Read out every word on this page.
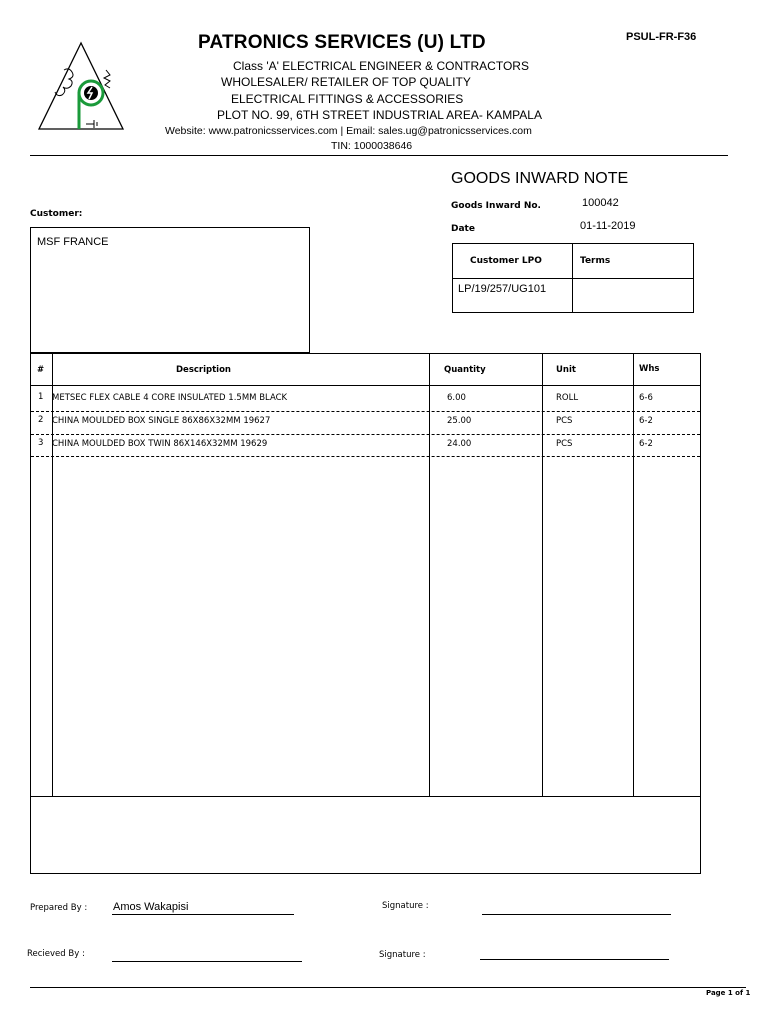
PATRONICS SERVICES (U) LTD	PSUL-FR-F36
Class 'A' ELECTRICAL ENGINEER & CONTRACTORS
WHOLESALER/ RETAILER OF TOP QUALITY
ELECTRICAL FITTINGS & ACCESSORIES
PLOT NO. 99, 6TH STREET INDUSTRIAL AREA- KAMPALA
Website: www.patronicsservices.com | Email: sales.ug@patronicsservices.com
TIN: 1000038646
GOODS INWARD NOTE
Goods Inward No.	100042
Date	01-11-2019
Customer:
MSF FRANCE
Customer LPO	Terms
LP/19/257/UG101
#	Description	Quantity	Unit	Whs
1 METSEC FLEX CABLE 4 CORE INSULATED 1.5MM BLACK	6.00	ROLL	6-6
2 CHINA MOULDED BOX SINGLE 86X86X32MM 19627	25.00	PCS	6-2
3 CHINA MOULDED BOX TWIN 86X146X32MM 19629	24.00	PCS	6-2
Prepared By : Amos Wakapisi	Signature :
Recieved By :	Signature :
Page 1 of 1
